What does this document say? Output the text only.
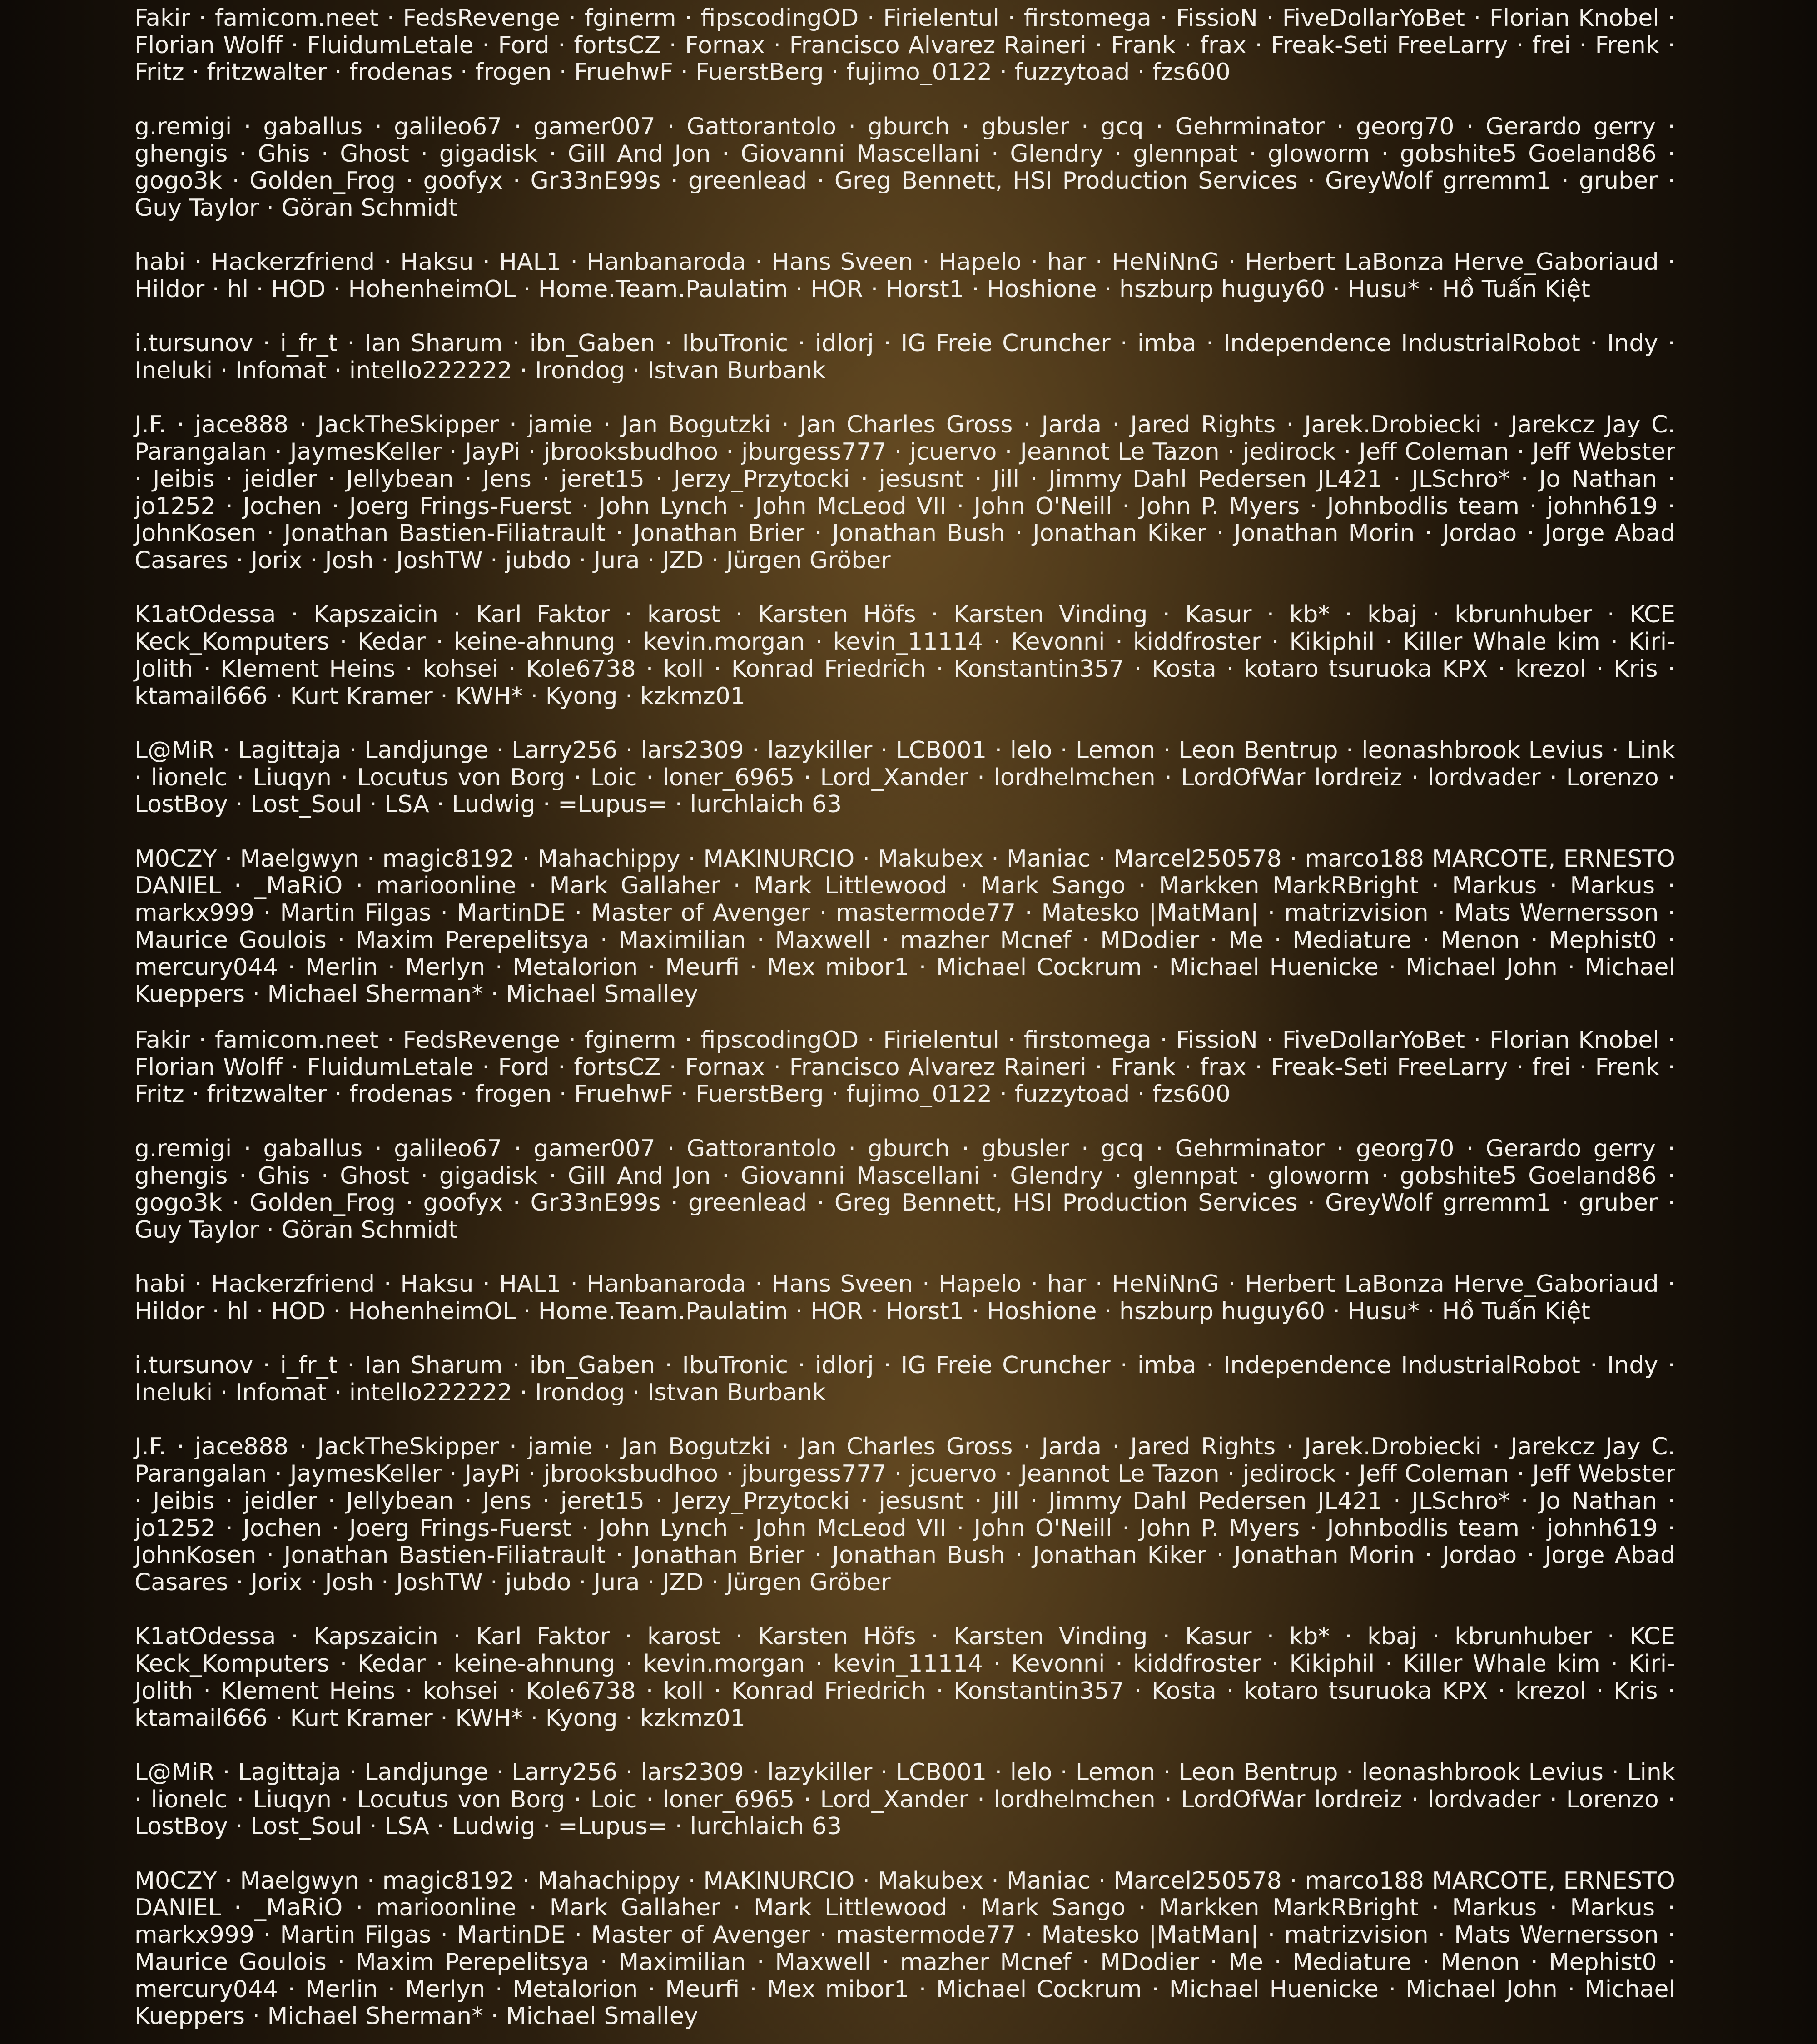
Fakir · famicom.neet · FedsRevenge · fginerm · fipscodingOD · Firielentul · firstomega · FissioN · FiveDollarYoBet · Florian Knobel · Florian Wolff · FluidumLetale · Ford · fortsCZ · Fornax · Francisco Alvarez Raineri · Frank · frax · Freak-Seti FreeLarry · frei · Frenk · Fritz · fritzwalter · frodenas · frogen · FruehwF · FuerstBerg · fujimo_0122 · fuzzytoad · fzs600

g.remigi · gaballus · galileo67 · gamer007 · Gattorantolo · gburch · gbusler · gcq · Gehrminator · georg70 · Gerardo gerry · ghengis · Ghis · Ghost · gigadisk · Gill And Jon · Giovanni Mascellani · Glendry · glennpat · gloworm · gobshite5 Goeland86 · gogo3k · Golden_Frog · goofyx · Gr33nE99s · greenlead · Greg Bennett, HSI Production Services · GreyWolf grremm1 · gruber · Guy Taylor · Göran Schmidt

habi · Hackerzfriend · Haksu · HAL1 · Hanbanaroda · Hans Sveen · Hapelo · har · HeNiNnG · Herbert LaBonza Herve_Gaboriaud · Hildor · hl · HOD · HohenheimOL · Home.Team.Paulatim · HOR · Horst1 · Hoshione · hszburp huguy60 · Husu* · Hồ Tuấn Kiệt

i.tursunov · i_fr_t · Ian Sharum · ibn_Gaben · IbuTronic · idlorj · IG Freie Cruncher · imba · Independence IndustrialRobot · Indy · Ineluki · Infomat · intello222222 · Irondog · Istvan Burbank

J.F. · jace888 · JackTheSkipper · jamie · Jan Bogutzki · Jan Charles Gross · Jarda · Jared Rights · Jarek.Drobiecki · Jarekcz Jay C. Parangalan · JaymesKeller · JayPi · jbrooksbudhoo · jburgess777 · jcuervo · Jeannot Le Tazon · jedirock · Jeff Coleman · Jeff Webster · Jeibis · jeidler · Jellybean · Jens · jeret15 · Jerzy_Przytocki · jesusnt · Jill · Jimmy Dahl Pedersen JL421 · JLSchro* · Jo Nathan · jo1252 · Jochen · Joerg Frings-Fuerst · John Lynch · John McLeod VII · John O'Neill · John P. Myers · Johnbodlis team · johnh619 · JohnKosen · Jonathan Bastien-Filiatrault · Jonathan Brier · Jonathan Bush · Jonathan Kiker · Jonathan Morin · Jordao · Jorge Abad Casares · Jorix · Josh · JoshTW · jubdo · Jura · JZD · Jürgen Gröber

K1atOdessa · Kapszaicin · Karl Faktor · karost · Karsten Höfs · Karsten Vinding · Kasur · kb* · kbaj · kbrunhuber · KCE Keck_Komputers · Kedar · keine-ahnung · kevin.morgan · kevin_11114 · Kevonni · kiddfroster · Kikiphil · Killer Whale kim · Kiri-Jolith · Klement Heins · kohsei · Kole6738 · koll · Konrad Friedrich · Konstantin357 · Kosta · kotaro tsuruoka KPX · krezol · Kris · ktamail666 · Kurt Kramer · KWH* · Kyong · kzkmz01

L@MiR · Lagittaja · Landjunge · Larry256 · lars2309 · lazykiller · LCB001 · lelo · Lemon · Leon Bentrup · leonashbrook Levius · Link · lionelc · Liuqyn · Locutus von Borg · Loic · loner_6965 · Lord_Xander · lordhelmchen · LordOfWar lordreiz · lordvader · Lorenzo · LostBoy · Lost_Soul · LSA · Ludwig · =Lupus= · lurchlaich 63

M0CZY · Maelgwyn · magic8192 · Mahachippy · MAKINURCIO · Makubex · Maniac · Marcel250578 · marco188 MARCOTE, ERNESTO DANIEL · _MaRiO · marioonline · Mark Gallaher · Mark Littlewood · Mark Sango · Markken MarkRBright · Markus · Markus · markx999 · Martin Filgas · MartinDE · Master of Avenger · mastermode77 · Matesko |MatMan| · matrizvision · Mats Wernersson · Maurice Goulois · Maxim Perepelitsya · Maximilian · Maxwell · mazher Mcnef · MDodier · Me · Mediature · Menon · Mephist0 · mercury044 · Merlin · Merlyn · Metalorion · Meurfi · Mex mibor1 · Michael Cockrum · Michael Huenicke · Michael John · Michael Kueppers · Michael Sherman* · Michael Smalley

Fakir · famicom.neet · FedsRevenge · fginerm · fipscodingOD · Firielentul · firstomega · FissioN · FiveDollarYoBet · Florian Knobel · Florian Wolff · FluidumLetale · Ford · fortsCZ · Fornax · Francisco Alvarez Raineri · Frank · frax · Freak-Seti FreeLarry · frei · Frenk · Fritz · fritzwalter · frodenas · frogen · FruehwF · FuerstBerg · fujimo_0122 · fuzzytoad · fzs600

g.remigi · gaballus · galileo67 · gamer007 · Gattorantolo · gburch · gbusler · gcq · Gehrminator · georg70 · Gerardo gerry · ghengis · Ghis · Ghost · gigadisk · Gill And Jon · Giovanni Mascellani · Glendry · glennpat · gloworm · gobshite5 Goeland86 · gogo3k · Golden_Frog · goofyx · Gr33nE99s · greenlead · Greg Bennett, HSI Production Services · GreyWolf grremm1 · gruber · Guy Taylor · Göran Schmidt

habi · Hackerzfriend · Haksu · HAL1 · Hanbanaroda · Hans Sveen · Hapelo · har · HeNiNnG · Herbert LaBonza Herve_Gaboriaud · Hildor · hl · HOD · HohenheimOL · Home.Team.Paulatim · HOR · Horst1 · Hoshione · hszburp huguy60 · Husu* · Hồ Tuấn Kiệt

i.tursunov · i_fr_t · Ian Sharum · ibn_Gaben · IbuTronic · idlorj · IG Freie Cruncher · imba · Independence IndustrialRobot · Indy · Ineluki · Infomat · intello222222 · Irondog · Istvan Burbank

J.F. · jace888 · JackTheSkipper · jamie · Jan Bogutzki · Jan Charles Gross · Jarda · Jared Rights · Jarek.Drobiecki · Jarekcz Jay C. Parangalan · JaymesKeller · JayPi · jbrooksbudhoo · jburgess777 · jcuervo · Jeannot Le Tazon · jedirock · Jeff Coleman · Jeff Webster · Jeibis · jeidler · Jellybean · Jens · jeret15 · Jerzy_Przytocki · jesusnt · Jill · Jimmy Dahl Pedersen JL421 · JLSchro* · Jo Nathan · jo1252 · Jochen · Joerg Frings-Fuerst · John Lynch · John McLeod VII · John O'Neill · John P. Myers · Johnbodlis team · johnh619 · JohnKosen · Jonathan Bastien-Filiatrault · Jonathan Brier · Jonathan Bush · Jonathan Kiker · Jonathan Morin · Jordao · Jorge Abad Casares · Jorix · Josh · JoshTW · jubdo · Jura · JZD · Jürgen Gröber

K1atOdessa · Kapszaicin · Karl Faktor · karost · Karsten Höfs · Karsten Vinding · Kasur · kb* · kbaj · kbrunhuber · KCE Keck_Komputers · Kedar · keine-ahnung · kevin.morgan · kevin_11114 · Kevonni · kiddfroster · Kikiphil · Killer Whale kim · Kiri-Jolith · Klement Heins · kohsei · Kole6738 · koll · Konrad Friedrich · Konstantin357 · Kosta · kotaro tsuruoka KPX · krezol · Kris · ktamail666 · Kurt Kramer · KWH* · Kyong · kzkmz01

L@MiR · Lagittaja · Landjunge · Larry256 · lars2309 · lazykiller · LCB001 · lelo · Lemon · Leon Bentrup · leonashbrook Levius · Link · lionelc · Liuqyn · Locutus von Borg · Loic · loner_6965 · Lord_Xander · lordhelmchen · LordOfWar lordreiz · lordvader · Lorenzo · LostBoy · Lost_Soul · LSA · Ludwig · =Lupus= · lurchlaich 63

M0CZY · Maelgwyn · magic8192 · Mahachippy · MAKINURCIO · Makubex · Maniac · Marcel250578 · marco188 MARCOTE, ERNESTO DANIEL · _MaRiO · marioonline · Mark Gallaher · Mark Littlewood · Mark Sango · Markken MarkRBright · Markus · Markus · markx999 · Martin Filgas · MartinDE · Master of Avenger · mastermode77 · Matesko |MatMan| · matrizvision · Mats Wernersson · Maurice Goulois · Maxim Perepelitsya · Maximilian · Maxwell · mazher Mcnef · MDodier · Me · Mediature · Menon · Mephist0 · mercury044 · Merlin · Merlyn · Metalorion · Meurfi · Mex mibor1 · Michael Cockrum · Michael Huenicke · Michael John · Michael Kueppers · Michael Sherman* · Michael Smalley
